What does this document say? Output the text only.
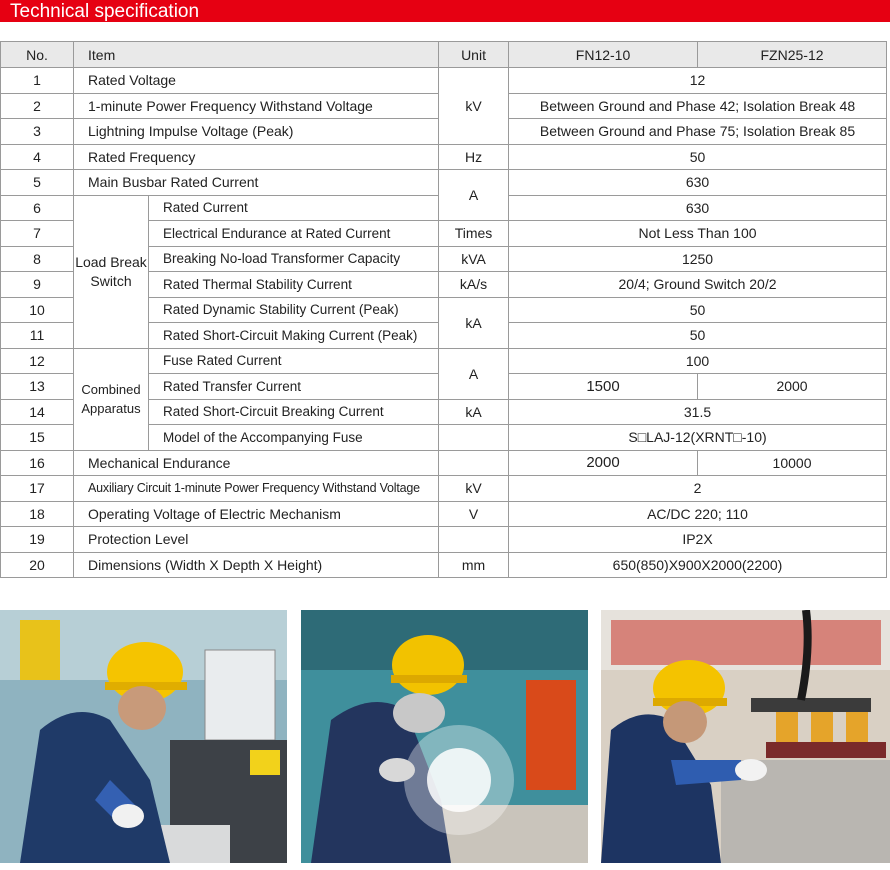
Technical specification
No.	Item		Unit	FN12-10	FZN25-12
1	Rated Voltage		kV	12	
2	1-minute Power Frequency Withstand Voltage			Between Ground and Phase 42; Isolation Break 48	
3	Lightning Impulse Voltage (Peak)			Between Ground and Phase 75; Isolation Break 85	
4	Rated Frequency		Hz	50	
5	Main Busbar Rated Current		A	630	
6	Load Break Switch	Rated Current		630	
7		Electrical Endurance at Rated Current	Times	Not Less Than 100	
8		Breaking No-load Transformer Capacity	kVA	1250	
9		Rated Thermal Stability Current	kA/s	20/4; Ground Switch 20/2	
10		Rated Dynamic Stability Current (Peak)	kA	50	
11		Rated Short-Circuit Making Current (Peak)		50	
12	Combined Apparatus	Fuse Rated Current	A	100	
13		Rated Transfer Current		1500	2000
14		Rated Short-Circuit Breaking Current	kA	31.5	
15		Model of the Accompanying Fuse		S□LAJ-12(XRNT□-10)	
16	Mechanical Endurance			2000	10000
17	Auxiliary Circuit 1-minute Power Frequency Withstand Voltage		kV	2	
18	Operating Voltage of Electric Mechanism		V	AC/DC 220; 110	
19	Protection Level			IP2X	
20	Dimensions (Width X Depth X Height)		mm	650(850)X900X2000(2200)	
